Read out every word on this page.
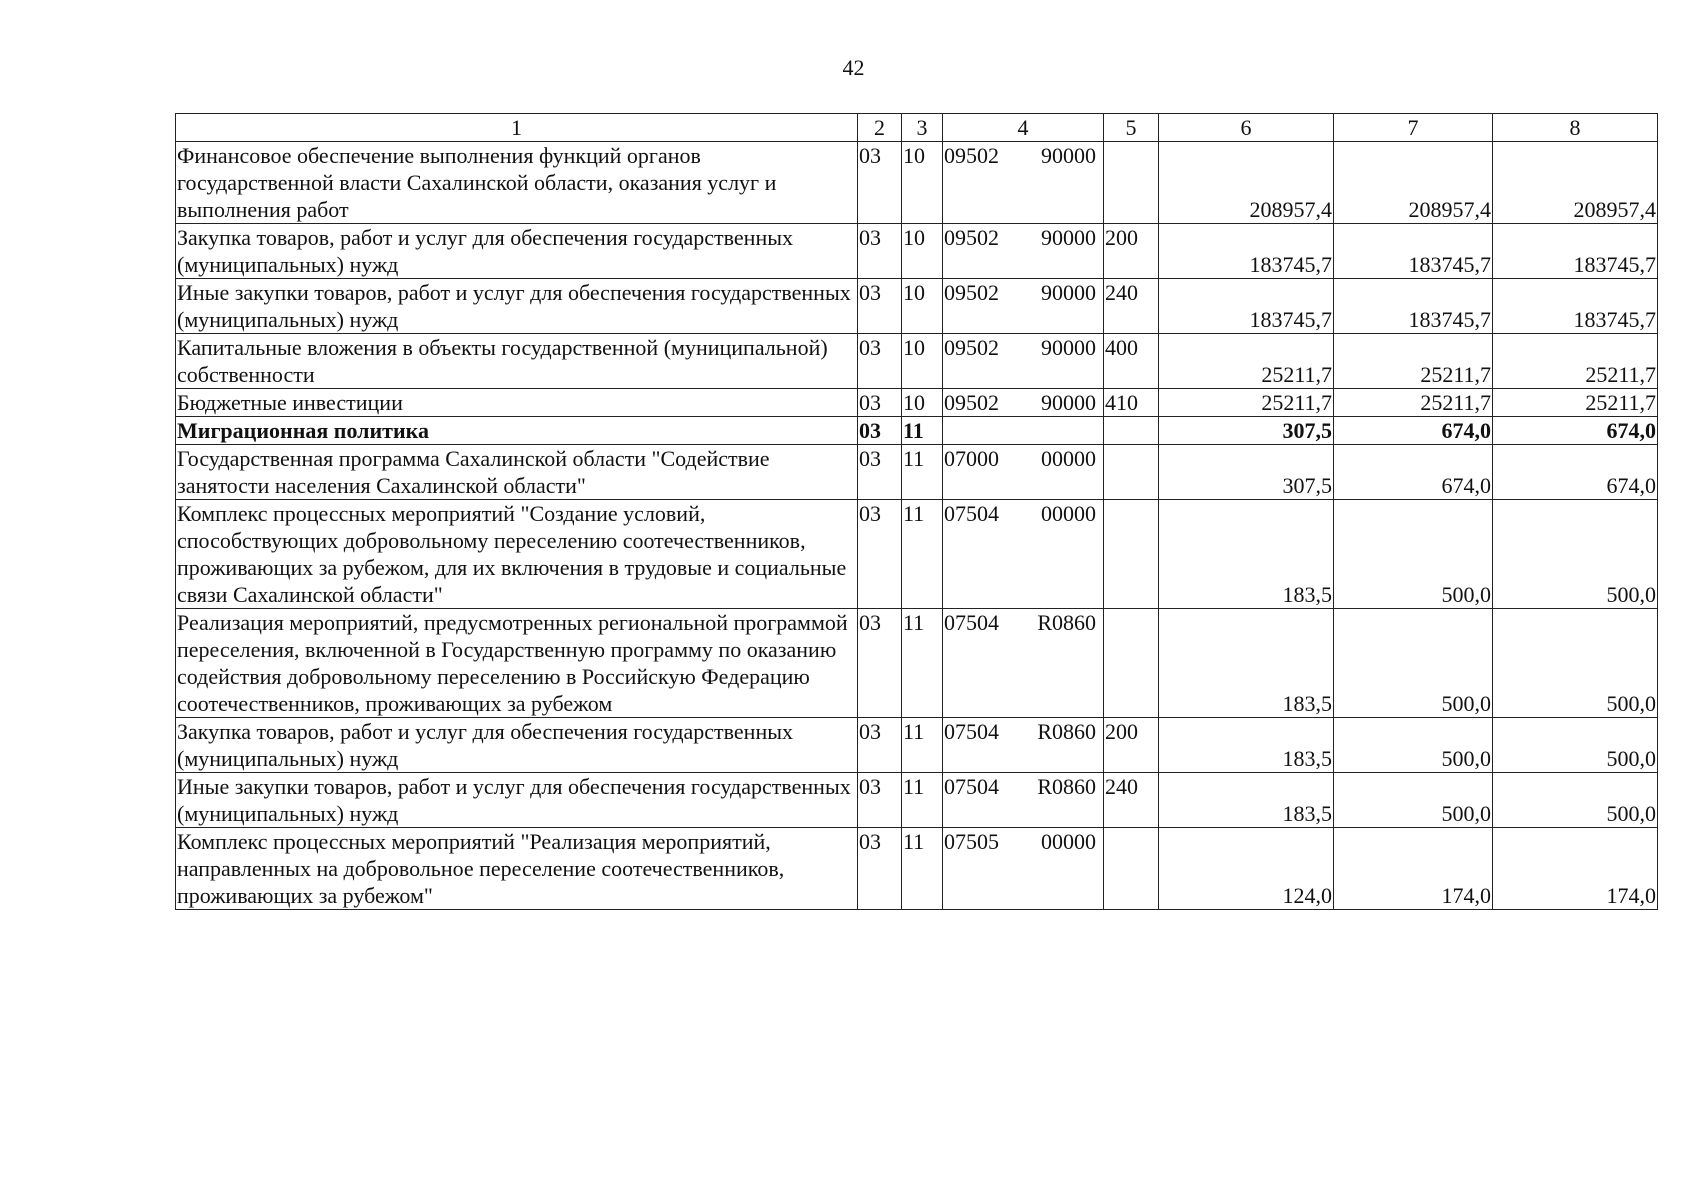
42
1	2	3	4	5	6	7	8
Финансовое обеспечение выполнения функций органов государственной власти Сахалинской области, оказания услуг и выполнения работ	03	10	09502 90000		208957,4	208957,4	208957,4
Закупка товаров, работ и услуг для обеспечения государственных (муниципальных) нужд	03	10	09502 90000	200	183745,7	183745,7	183745,7
Иные закупки товаров, работ и услуг для обеспечения государственных (муниципальных) нужд	03	10	09502 90000	240	183745,7	183745,7	183745,7
Капитальные вложения в объекты государственной (муниципальной) собственности	03	10	09502 90000	400	25211,7	25211,7	25211,7
Бюджетные инвестиции	03	10	09502 90000	410	25211,7	25211,7	25211,7
Миграционная политика	03	11			307,5	674,0	674,0
Государственная программа Сахалинской области "Содействие занятости населения Сахалинской области"	03	11	07000 00000		307,5	674,0	674,0
Комплекс процессных мероприятий "Создание условий, способствующих добровольному переселению соотечественников, проживающих за рубежом, для их включения в трудовые и социальные связи Сахалинской области"	03	11	07504 00000		183,5	500,0	500,0
Реализация мероприятий, предусмотренных региональной программой переселения, включенной в Государственную программу по оказанию содействия добровольному переселению в Российскую Федерацию соотечественников, проживающих за рубежом	03	11	07504 R0860		183,5	500,0	500,0
Закупка товаров, работ и услуг для обеспечения государственных (муниципальных) нужд	03	11	07504 R0860	200	183,5	500,0	500,0
Иные закупки товаров, работ и услуг для обеспечения государственных (муниципальных) нужд	03	11	07504 R0860	240	183,5	500,0	500,0
Комплекс процессных мероприятий "Реализация мероприятий, направленных на добровольное переселение соотечественников, проживающих за рубежом"	03	11	07505 00000		124,0	174,0	174,0
